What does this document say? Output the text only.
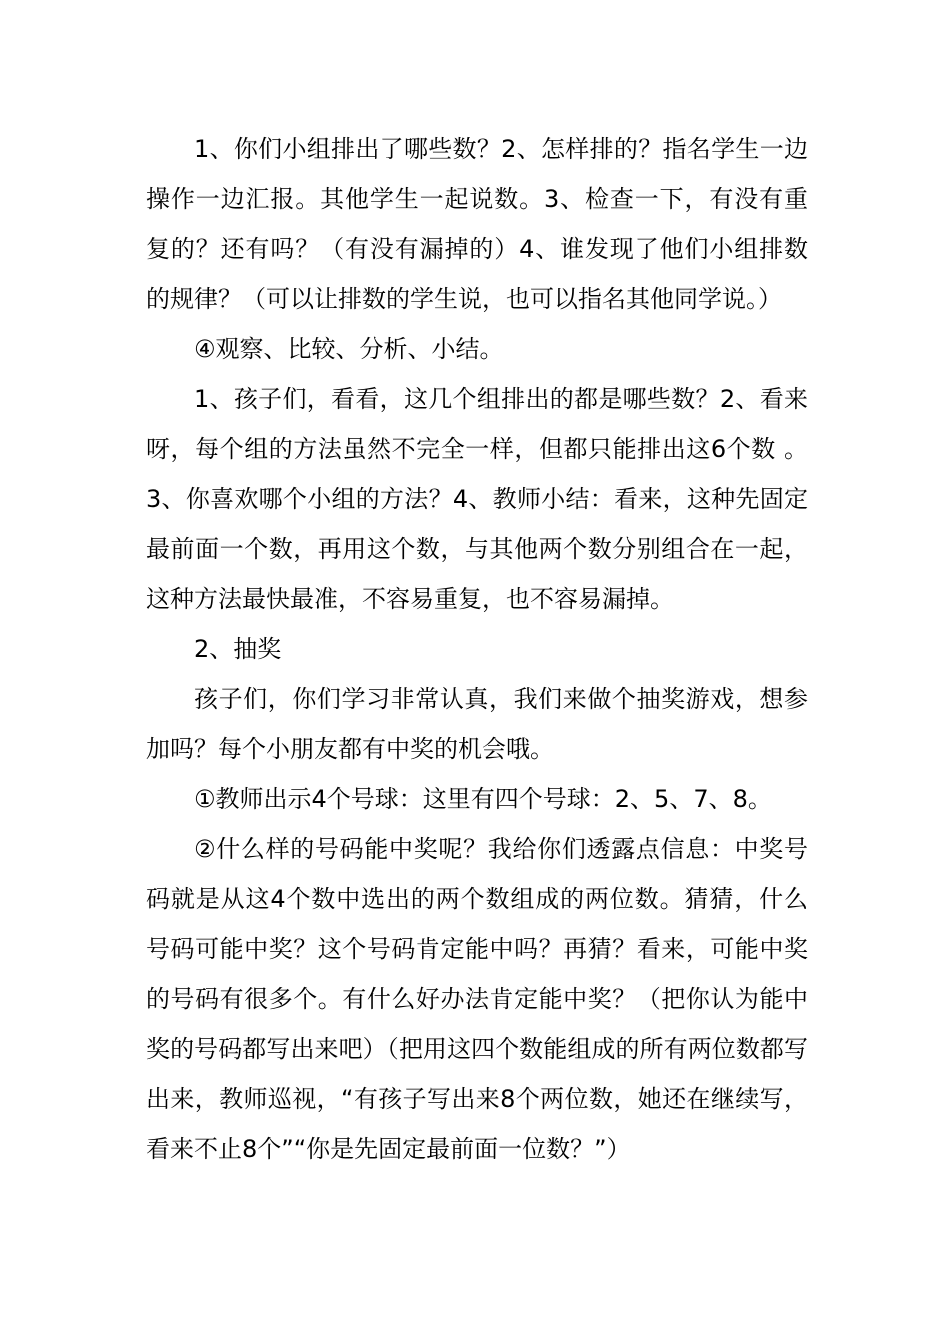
1、你们小组排出了哪些数？2、怎样排的？指名学生一边操作一边汇报。其他学生一起说数。3、检查一下，有没有重复的？还有吗？（有没有漏掉的）4、谁发现了他们小组排数的规律？（可以让排数的学生说，也可以指名其他同学说。）

④观察、比较、分析、小结。

1、孩子们，看看，这几个组排出的都是哪些数？2、看来呀，每个组的方法虽然不完全一样，但都只能排出这6个数 。3、你喜欢哪个小组的方法？4、教师小结：看来，这种先固定最前面一个数，再用这个数，与其他两个数分别组合在一起，这种方法最快最准，不容易重复，也不容易漏掉。

2、抽奖

孩子们，你们学习非常认真，我们来做个抽奖游戏，想参加吗？每个小朋友都有中奖的机会哦。

①教师出示4个号球：这里有四个号球：2、5、7、8。

②什么样的号码能中奖呢？我给你们透露点信息：中奖号码就是从这4个数中选出的两个数组成的两位数。猜猜，什么号码可能中奖？这个号码肯定能中吗？再猜？看来，可能中奖的号码有很多个。有什么好办法肯定能中奖？（把你认为能中奖的号码都写出来吧）（把用这四个数能组成的所有两位数都写出来，教师巡视，“有孩子写出来8个两位数，她还在继续写，看来不止8个”“你是先固定最前面一位数？”）
